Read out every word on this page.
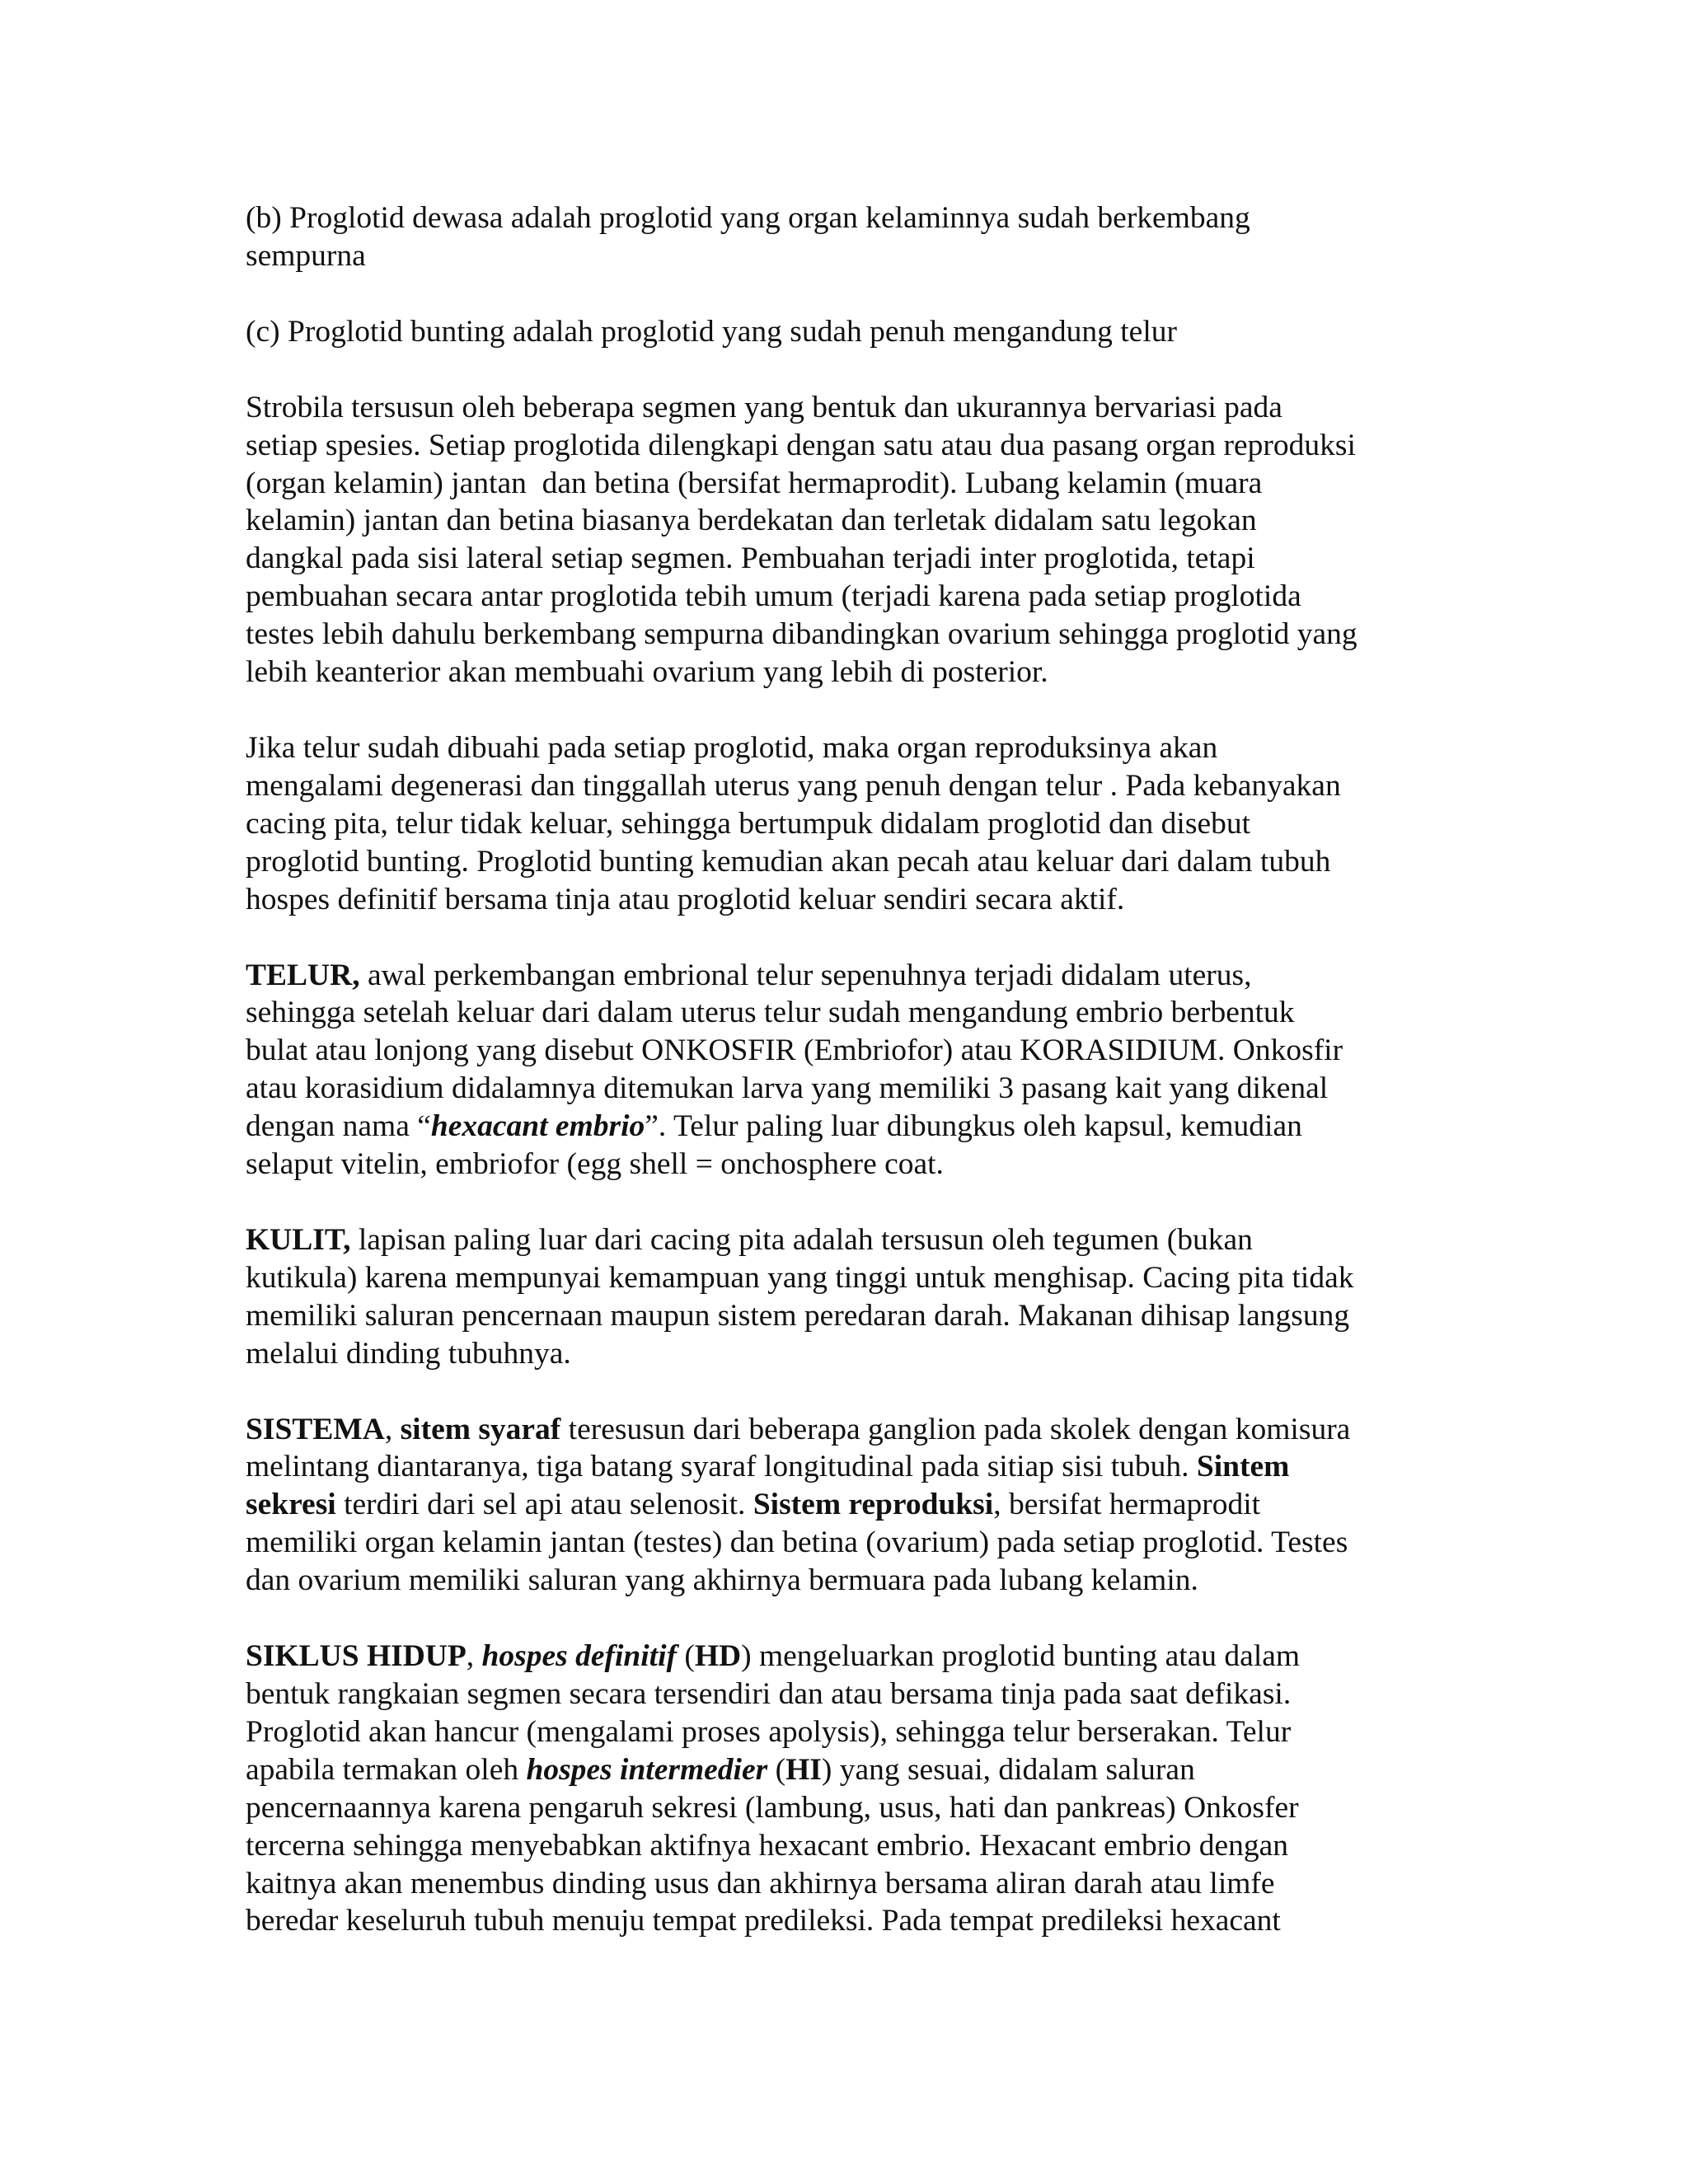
(b) Proglotid dewasa adalah proglotid yang organ kelaminnya sudah berkembang
sempurna

(c) Proglotid bunting adalah proglotid yang sudah penuh mengandung telur

Strobila tersusun oleh beberapa segmen yang bentuk dan ukurannya bervariasi pada
setiap spesies. Setiap proglotida dilengkapi dengan satu atau dua pasang organ reproduksi
(organ kelamin) jantan  dan betina (bersifat hermaprodit). Lubang kelamin (muara
kelamin) jantan dan betina biasanya berdekatan dan terletak didalam satu legokan
dangkal pada sisi lateral setiap segmen. Pembuahan terjadi inter proglotida, tetapi
pembuahan secara antar proglotida tebih umum (terjadi karena pada setiap proglotida
testes lebih dahulu berkembang sempurna dibandingkan ovarium sehingga proglotid yang
lebih keanterior akan membuahi ovarium yang lebih di posterior.

Jika telur sudah dibuahi pada setiap proglotid, maka organ reproduksinya akan
mengalami degenerasi dan tinggallah uterus yang penuh dengan telur . Pada kebanyakan
cacing pita, telur tidak keluar, sehingga bertumpuk didalam proglotid dan disebut
proglotid bunting. Proglotid bunting kemudian akan pecah atau keluar dari dalam tubuh
hospes definitif bersama tinja atau proglotid keluar sendiri secara aktif.

TELUR, awal perkembangan embrional telur sepenuhnya terjadi didalam uterus,
sehingga setelah keluar dari dalam uterus telur sudah mengandung embrio berbentuk
bulat atau lonjong yang disebut ONKOSFIR (Embriofor) atau KORASIDIUM. Onkosfir
atau korasidium didalamnya ditemukan larva yang memiliki 3 pasang kait yang dikenal
dengan nama “hexacant embrio”. Telur paling luar dibungkus oleh kapsul, kemudian
selaput vitelin, embriofor (egg shell = onchosphere coat.

KULIT, lapisan paling luar dari cacing pita adalah tersusun oleh tegumen (bukan
kutikula) karena mempunyai kemampuan yang tinggi untuk menghisap. Cacing pita tidak
memiliki saluran pencernaan maupun sistem peredaran darah. Makanan dihisap langsung
melalui dinding tubuhnya.

SISTEMA, sitem syaraf teresusun dari beberapa ganglion pada skolek dengan komisura
melintang diantaranya, tiga batang syaraf longitudinal pada sitiap sisi tubuh. Sintem
sekresi terdiri dari sel api atau selenosit. Sistem reproduksi, bersifat hermaprodit
memiliki organ kelamin jantan (testes) dan betina (ovarium) pada setiap proglotid. Testes
dan ovarium memiliki saluran yang akhirnya bermuara pada lubang kelamin.

SIKLUS HIDUP, hospes definitif (HD) mengeluarkan proglotid bunting atau dalam
bentuk rangkaian segmen secara tersendiri dan atau bersama tinja pada saat defikasi.
Proglotid akan hancur (mengalami proses apolysis), sehingga telur berserakan. Telur
apabila termakan oleh hospes intermedier (HI) yang sesuai, didalam saluran
pencernaannya karena pengaruh sekresi (lambung, usus, hati dan pankreas) Onkosfer
tercerna sehingga menyebabkan aktifnya hexacant embrio. Hexacant embrio dengan
kaitnya akan menembus dinding usus dan akhirnya bersama aliran darah atau limfe
beredar keseluruh tubuh menuju tempat predileksi. Pada tempat predileksi hexacant
